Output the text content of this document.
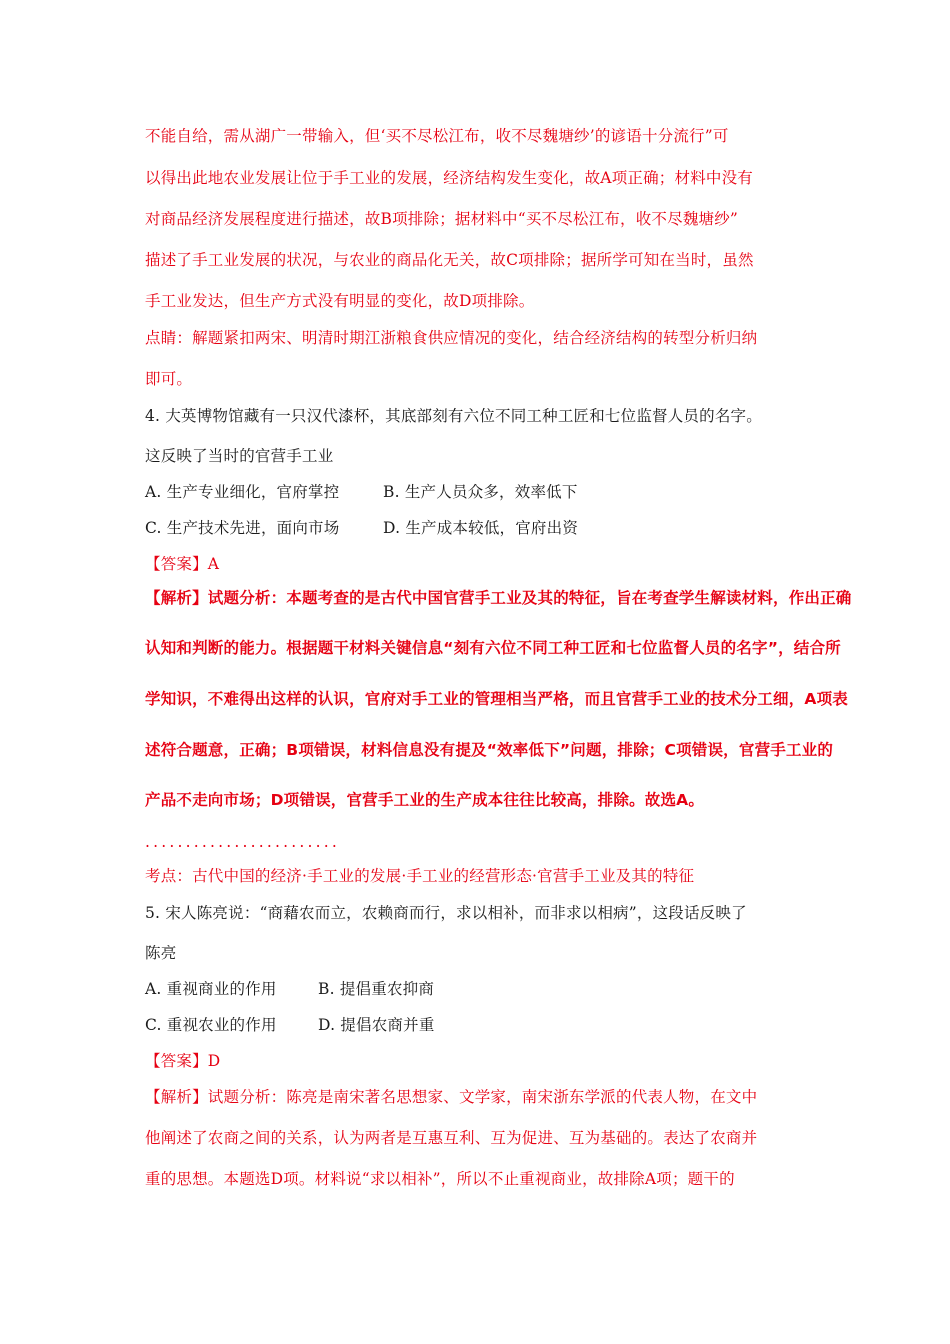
不能自给，需从湖广一带输入，但‘买不尽松江布，收不尽魏塘纱’的谚语十分流行”可
以得出此地农业发展让位于手工业的发展，经济结构发生变化，故A项正确；材料中没有
对商品经济发展程度进行描述，故B项排除；据材料中“买不尽松江布，收不尽魏塘纱”
描述了手工业发展的状况，与农业的商品化无关，故C项排除；据所学可知在当时，虽然
手工业发达，但生产方式没有明显的变化，故D项排除。
点睛：解题紧扣两宋、明清时期江浙粮食供应情况的变化，结合经济结构的转型分析归纳
即可。
4. 大英博物馆藏有一只汉代漆杯，其底部刻有六位不同工种工匠和七位监督人员的名字。
这反映了当时的官营手工业
A. 生产专业细化，官府掌控	B. 生产人员众多，效率低下
C. 生产技术先进，面向市场	D. 生产成本较低，官府出资
【答案】A
【解析】试题分析：本题考查的是古代中国官营手工业及其的特征，旨在考查学生解读材料，作出正确
认知和判断的能力。根据题干材料关键信息“刻有六位不同工种工匠和七位监督人员的名字”，结合所
学知识，不难得出这样的认识，官府对手工业的管理相当严格，而且官营手工业的技术分工细，A项表
述符合题意，正确；B项错误，材料信息没有提及“效率低下”问题，排除；C项错误，官营手工业的
产品不走向市场；D项错误，官营手工业的生产成本往往比较高，排除。故选A。
........................
考点：古代中国的经济·手工业的发展·手工业的经营形态·官营手工业及其的特征
5. 宋人陈亮说：“商藉农而立，农赖商而行，求以相补，而非求以相病”，这段话反映了
陈亮
A. 重视商业的作用	B. 提倡重农抑商
C. 重视农业的作用	D. 提倡农商并重
【答案】D
【解析】试题分析：陈亮是南宋著名思想家、文学家，南宋浙东学派的代表人物，在文中
他阐述了农商之间的关系，认为两者是互惠互利、互为促进、互为基础的。表达了农商并
重的思想。本题选D项。材料说“求以相补”，所以不止重视商业，故排除A项；题干的
